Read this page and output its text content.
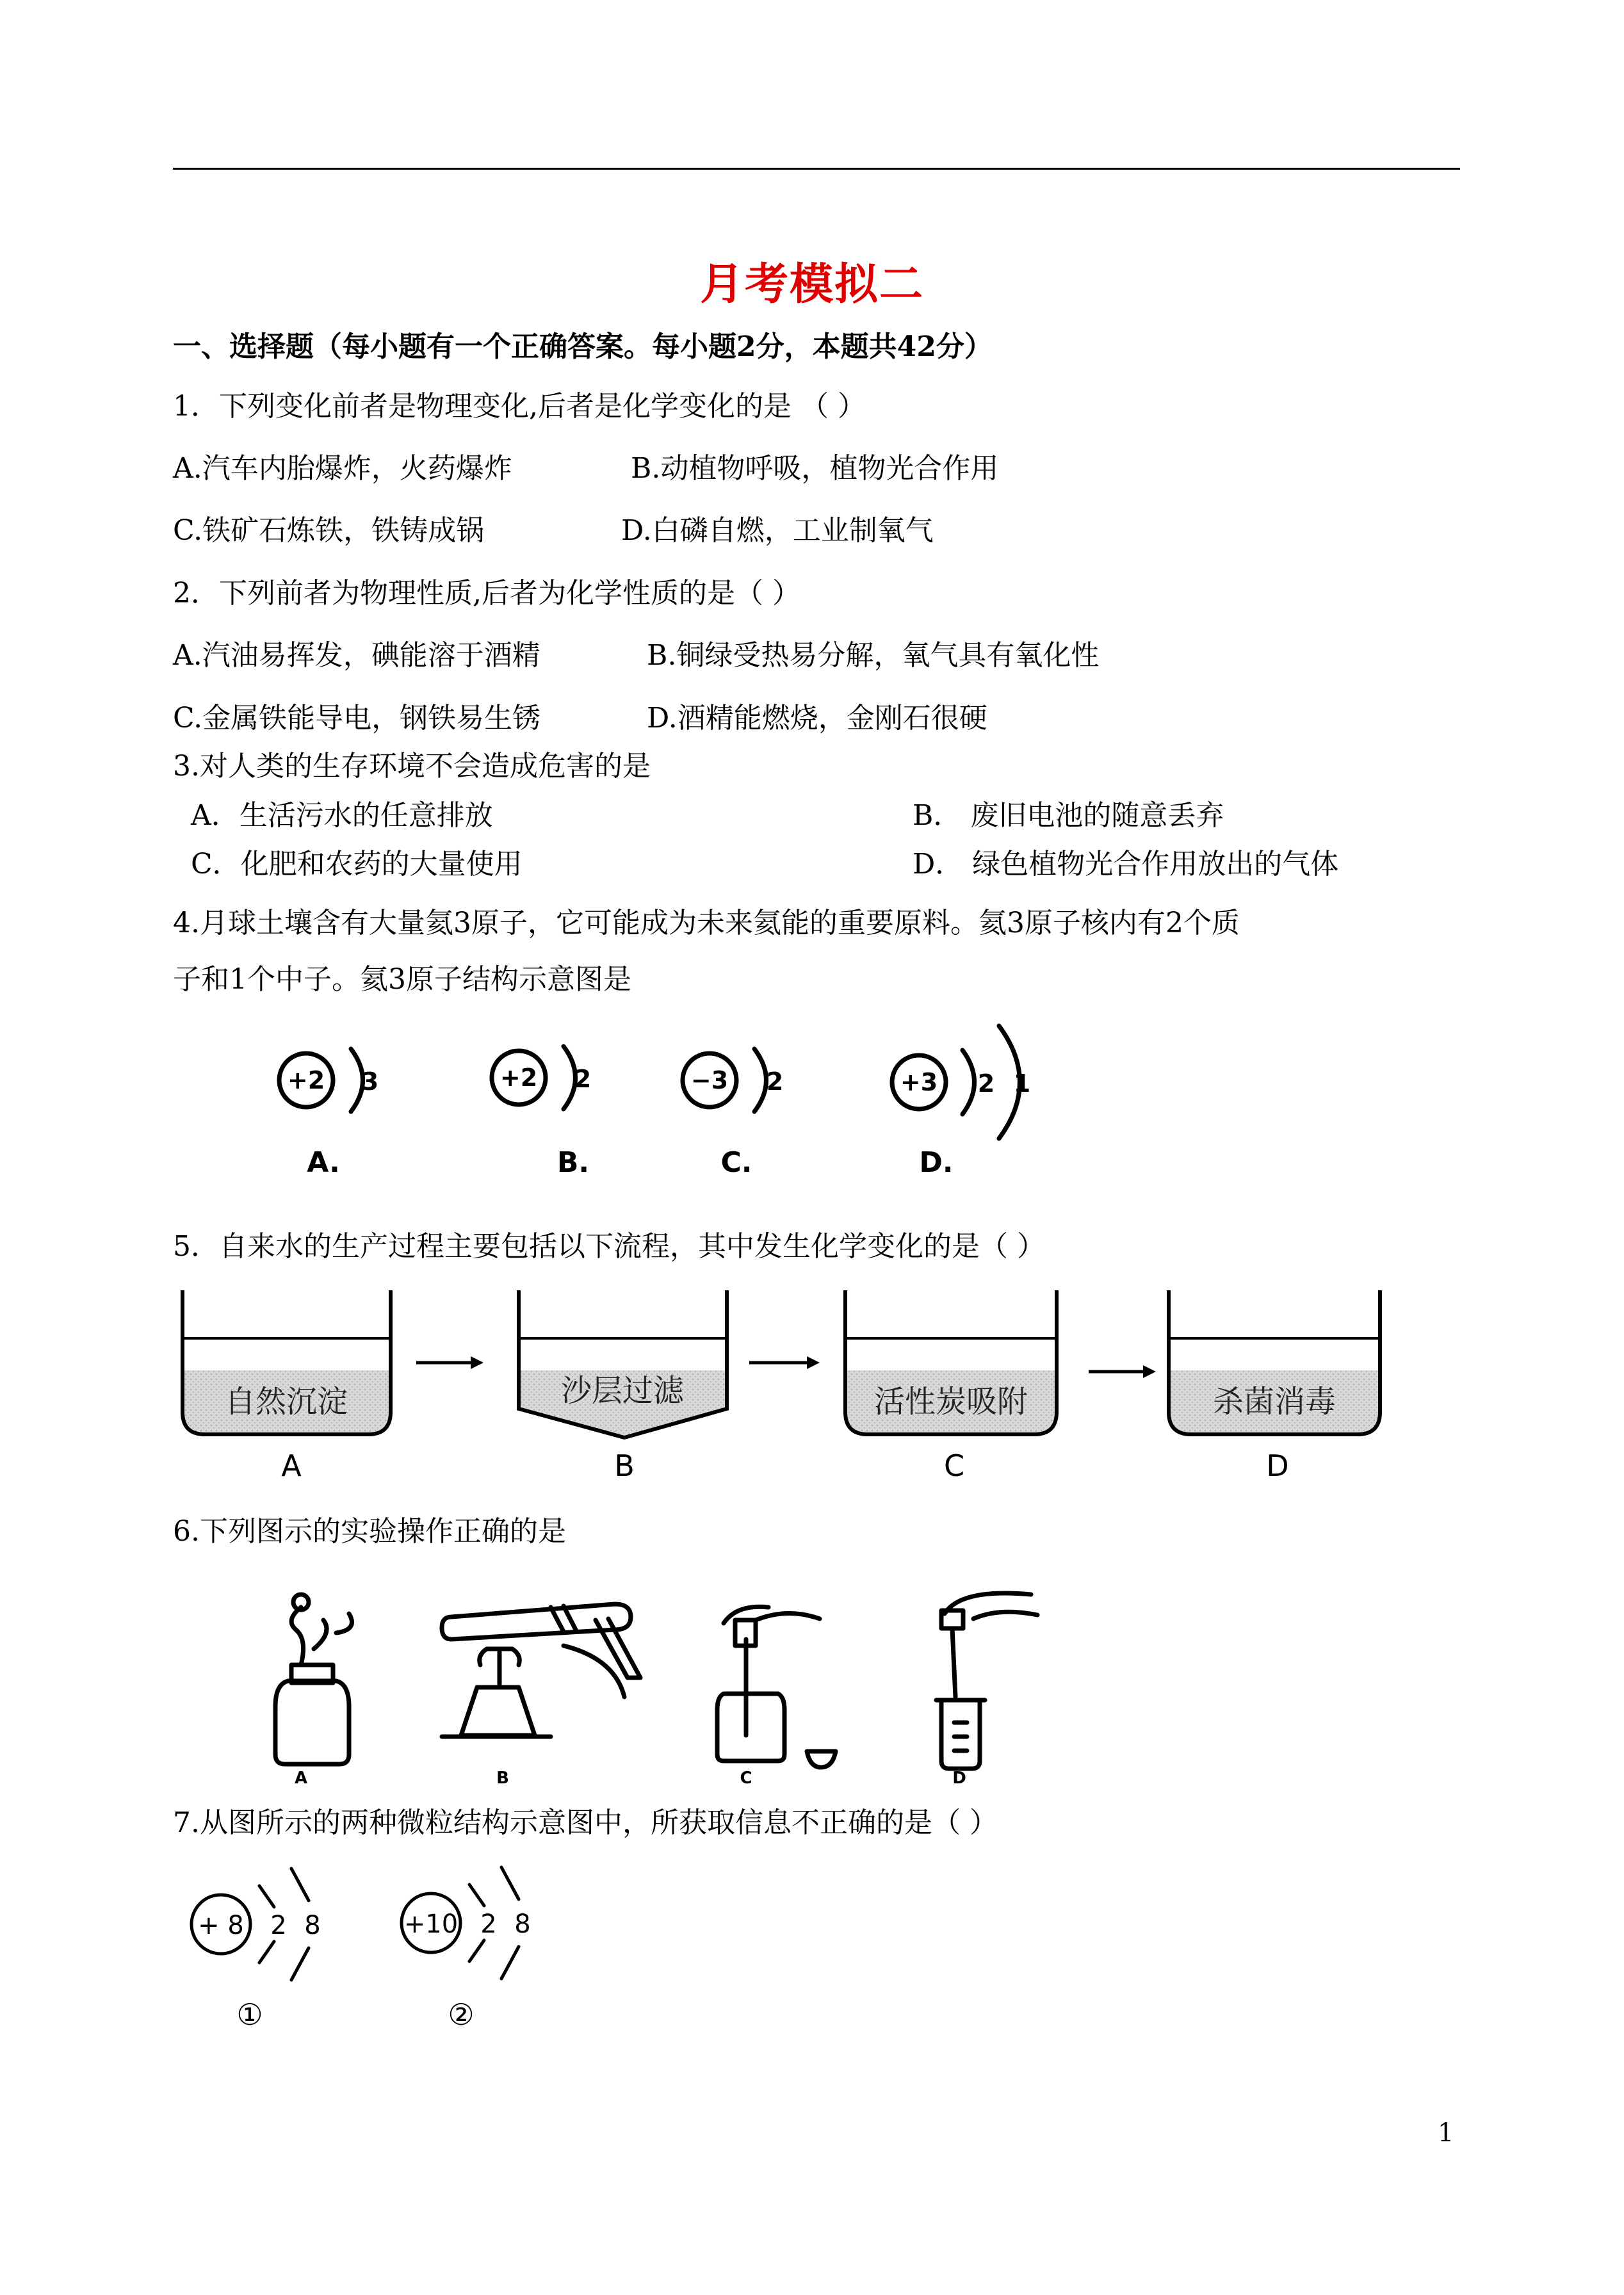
月考模拟二
一、选择题（每小题有一个正确答案。每小题2分，本题共42分）
1．下列变化前者是物理变化,后者是化学变化的是 （ ）
A.汽车内胎爆炸，火药爆炸	B.动植物呼吸，植物光合作用
C.铁矿石炼铁，铁铸成锅	D.白磷自燃，工业制氧气
2．下列前者为物理性质,后者为化学性质的是（ ）
A.汽油易挥发，碘能溶于酒精	B.铜绿受热易分解，氧气具有氧化性
C.金属铁能导电，钢铁易生锈	D.酒精能燃烧，金刚石很硬
3.对人类的生存环境不会造成危害的是
A．生活污水的任意排放	B． 废旧电池的随意丢弃
C．化肥和农药的大量使用	D． 绿色植物光合作用放出的气体
4.月球土壤含有大量氦3原子，它可能成为未来氦能的重要原料。氦3原子核内有2个质
子和1个中子。氦3原子结构示意图是
+2 3	+2 2	−3 2	+3 2 1
A.	B.	C.	D.
5．自来水的生产过程主要包括以下流程，其中发生化学变化的是（ ）
自然沉淀	沙层过滤	活性炭吸附	杀菌消毒
A	B	C	D
6.下列图示的实验操作正确的是
A	B	C	D
7.从图所示的两种微粒结构示意图中，所获取信息不正确的是（ ）
+ 8 2 8	+10 2 8
①	②
1
